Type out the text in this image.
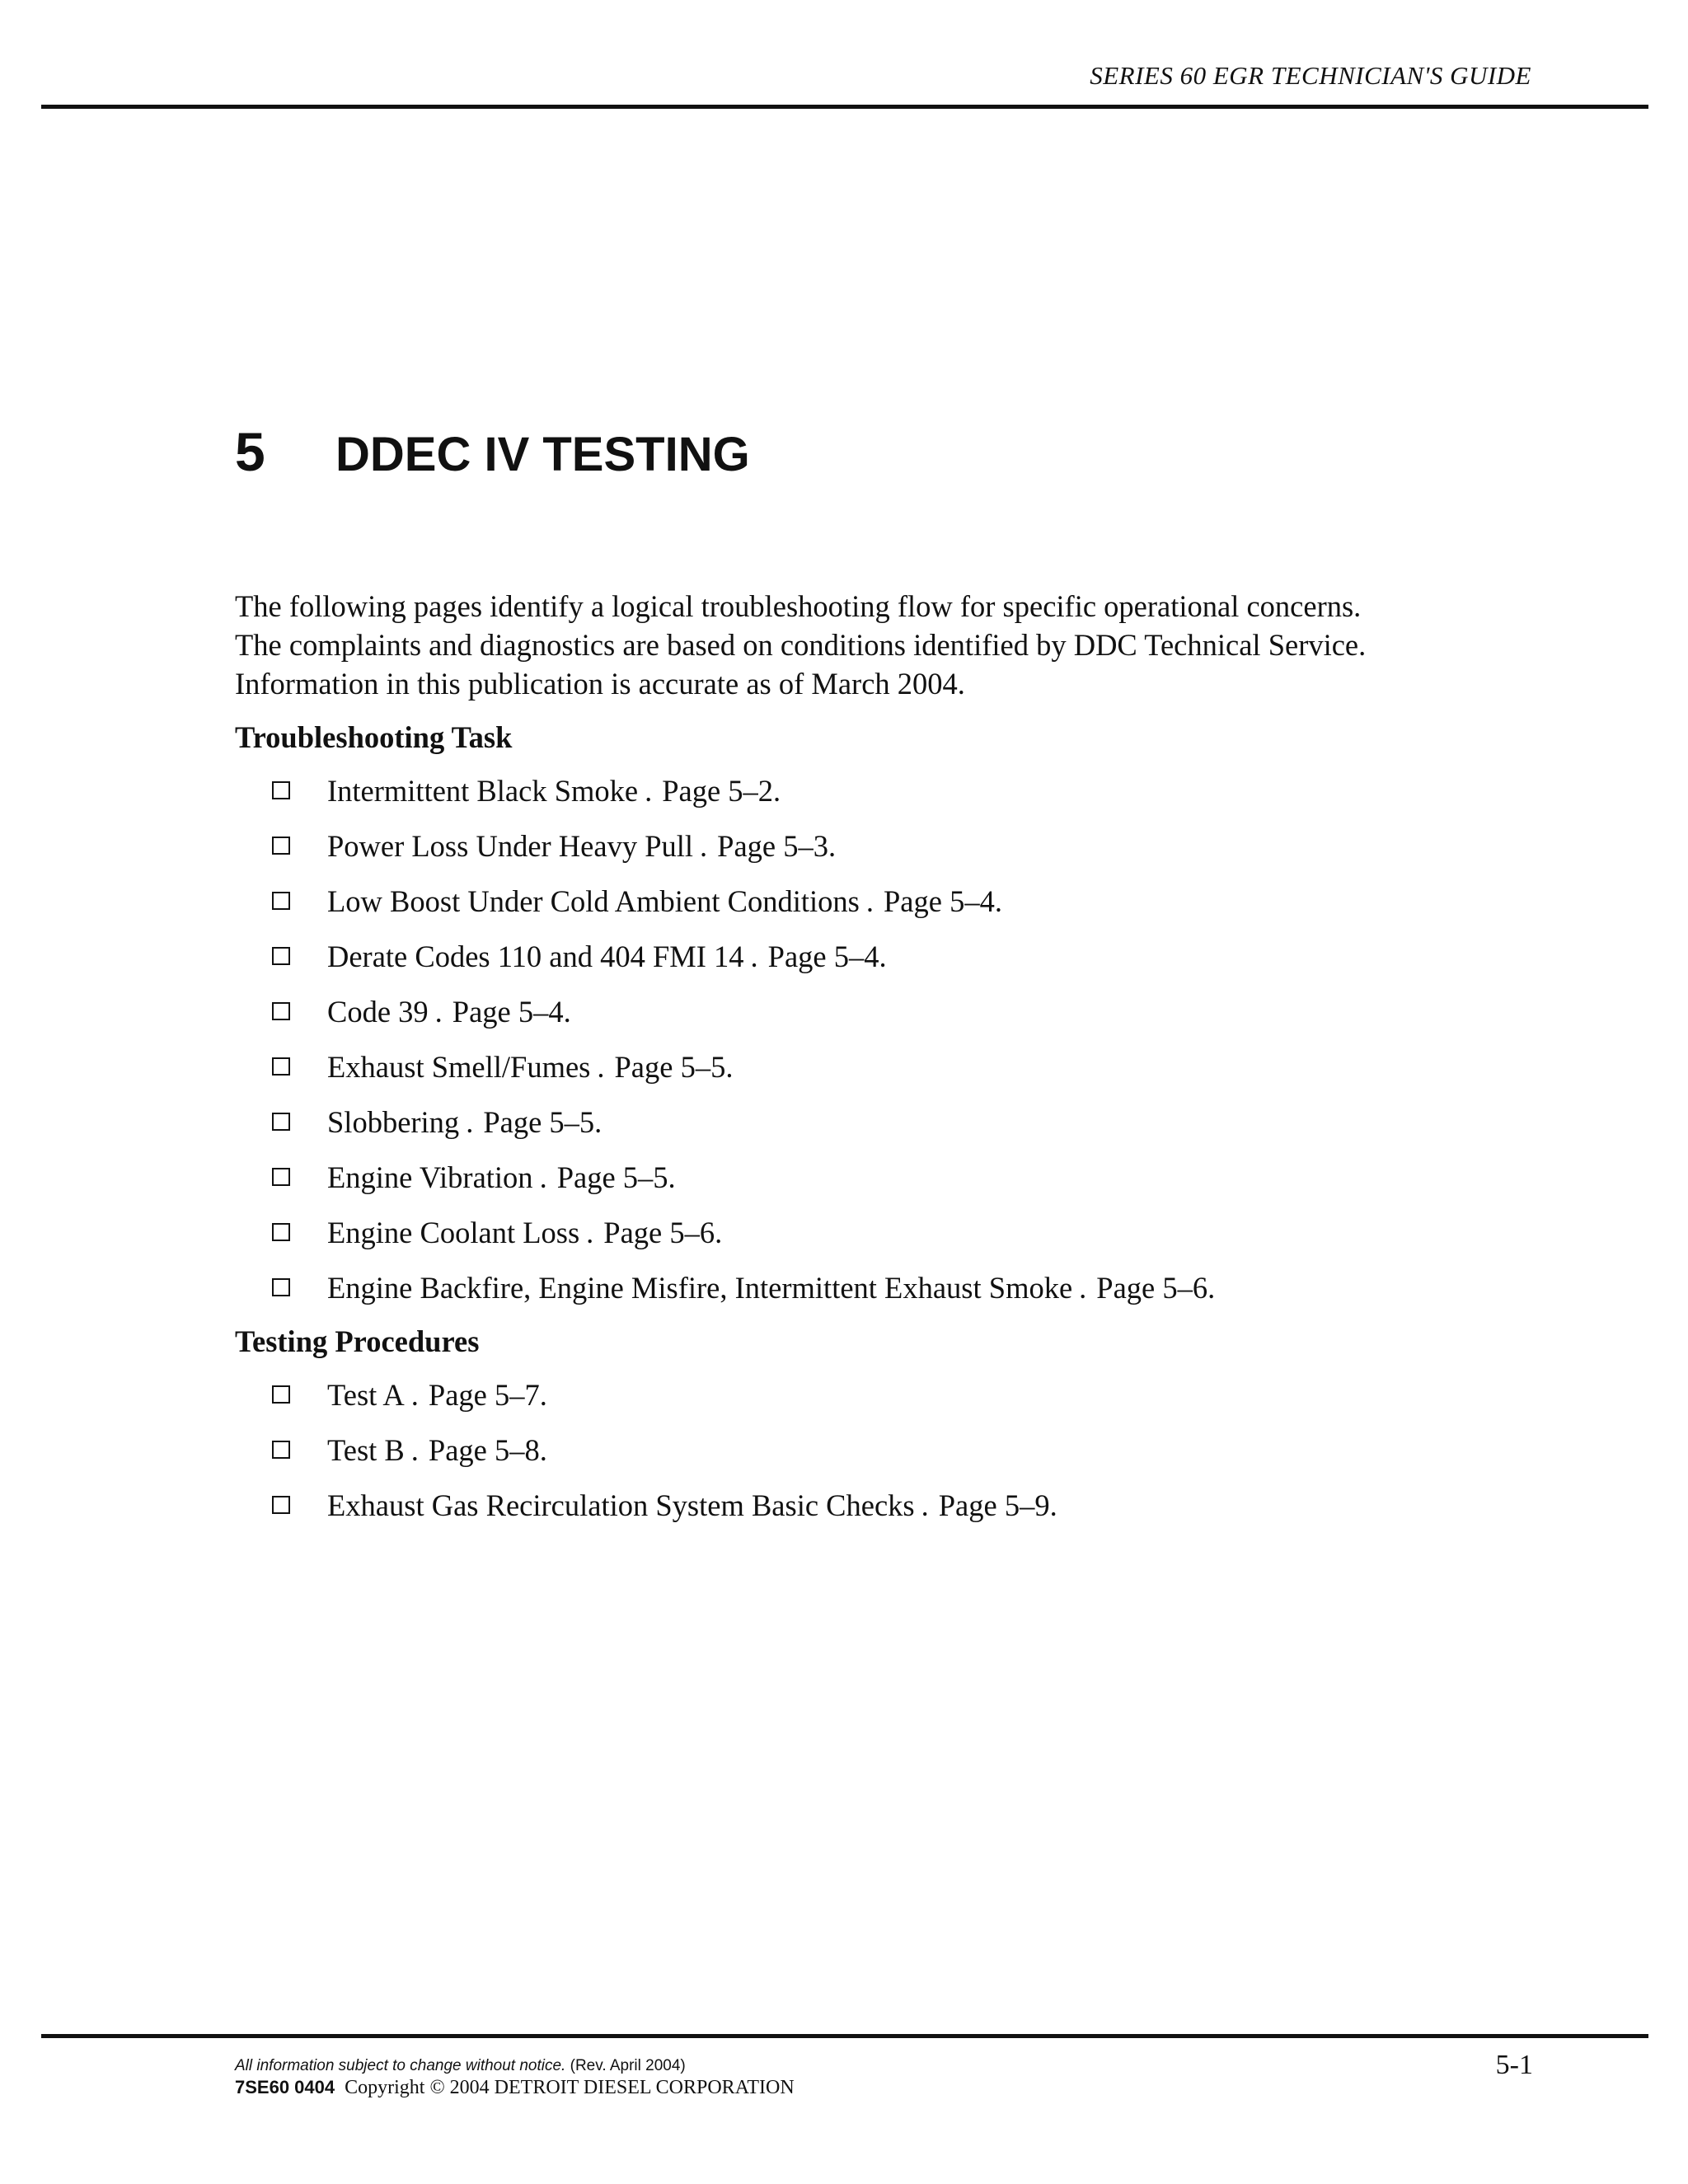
SERIES 60 EGR TECHNICIAN'S GUIDE
5 DDEC IV TESTING

The following pages identify a logical troubleshooting flow for specific operational concerns.
The complaints and diagnostics are based on conditions identified by DDC Technical Service.
Information in this publication is accurate as of March 2004.

Troubleshooting Task
Intermittent Black Smoke . Page 5–2.
Power Loss Under Heavy Pull . Page 5–3.
Low Boost Under Cold Ambient Conditions . Page 5–4.
Derate Codes 110 and 404 FMI 14 . Page 5–4.
Code 39 . Page 5–4.
Exhaust Smell/Fumes . Page 5–5.
Slobbering . Page 5–5.
Engine Vibration . Page 5–5.
Engine Coolant Loss . Page 5–6.
Engine Backfire, Engine Misfire, Intermittent Exhaust Smoke . Page 5–6.
Testing Procedures
Test A . Page 5–7.
Test B . Page 5–8.
Exhaust Gas Recirculation System Basic Checks . Page 5–9.
All information subject to change without notice. (Rev. April 2004)
7SE60 0404 Copyright © 2004 DETROIT DIESEL CORPORATION
5-1
